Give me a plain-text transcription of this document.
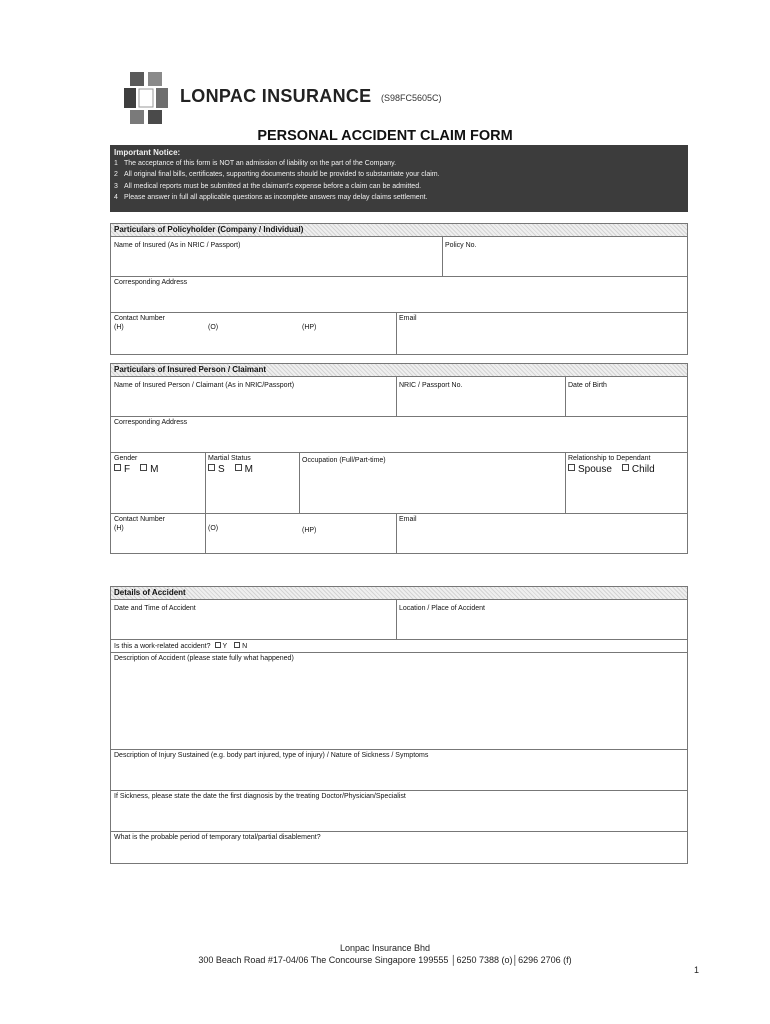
LONPAC INSURANCE (S98FC5605C)
PERSONAL ACCIDENT CLAIM FORM
Important Notice:
1 The acceptance of this form is NOT an admission of liability on the part of the Company.
2 All original final bills, certificates, supporting documents should be provided to substantiate your claim.
3 All medical reports must be submitted at the claimant's expense before a claim can be admitted.
4 Please answer in full all applicable questions as incomplete answers may delay claims settlement.
Particulars of Policyholder (Company / Individual)
Name of Insured (As in NRIC / Passport)	Policy No.
Corresponding Address
Contact Number
(H)	(O)	(HP)
Email
Particulars of Insured Person / Claimant
Name of Insured Person / Claimant (As in NRIC/Passport)	NRIC / Passport No.	Date of Birth
Corresponding Address
Gender
F M
Martial Status
S M
Occupation (Full/Part-time)	Relationship to Dependant
Spouse Child
Contact Number
(H)	(O)	(HP)
Email
Details of Accident
Date and Time of Accident	Location / Place of Accident
Is this a work-related accident? Y N
Description of Accident (please state fully what happened)
Description of Injury Sustained (e.g. body part injured, type of injury) / Nature of Sickness / Symptoms
If Sickness, please state the date the first diagnosis by the treating Doctor/Physician/Specialist
What is the probable period of temporary total/partial disablement?
Lonpac Insurance Bhd
300 Beach Road #17-04/06 The Concourse Singapore 199555 │6250 7388 (o)│6296 2706 (f)
1
